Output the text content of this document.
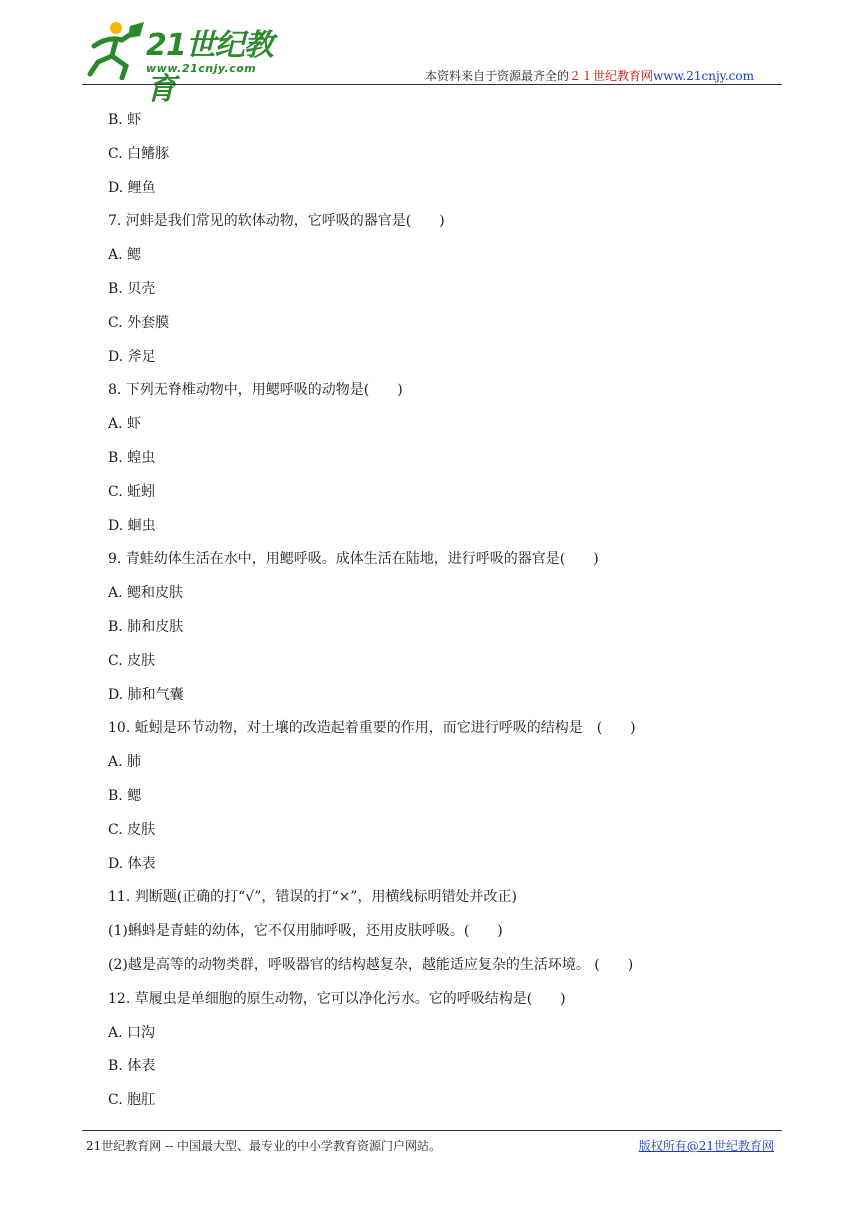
21世纪教育
www.21cnjy.com
本资料来自于资源最齐全的２１世纪教育网www.21cnjy.com
B. 虾
C. 白鳍豚
D. 鲤鱼
7. 河蚌是我们常见的软体动物，它呼吸的器官是(　　)
A. 鳃
B. 贝壳
C. 外套膜
D. 斧足
8. 下列无脊椎动物中，用鳃呼吸的动物是(　　)
A. 虾
B. 蝗虫
C. 蚯蚓
D. 蛔虫
9. 青蛙幼体生活在水中，用鳃呼吸。成体生活在陆地，进行呼吸的器官是(　　)
A. 鳃和皮肤
B. 肺和皮肤
C. 皮肤
D. 肺和气囊
10. 蚯蚓是环节动物，对土壤的改造起着重要的作用，而它进行呼吸的结构是　(　　)
A. 肺
B. 鳃
C. 皮肤
D. 体表
11. 判断题(正确的打“√”，错误的打“×”，用横线标明错处并改正)
(1)蝌蚪是青蛙的幼体，它不仅用肺呼吸，还用皮肤呼吸。(　　)
(2)越是高等的动物类群，呼吸器官的结构越复杂，越能适应复杂的生活环境。 (　　)
12. 草履虫是单细胞的原生动物，它可以净化污水。它的呼吸结构是(　　)
A. 口沟
B. 体表
C. 胞肛
21世纪教育网 -- 中国最大型、最专业的中小学教育资源门户网站。	版权所有@21世纪教育网
